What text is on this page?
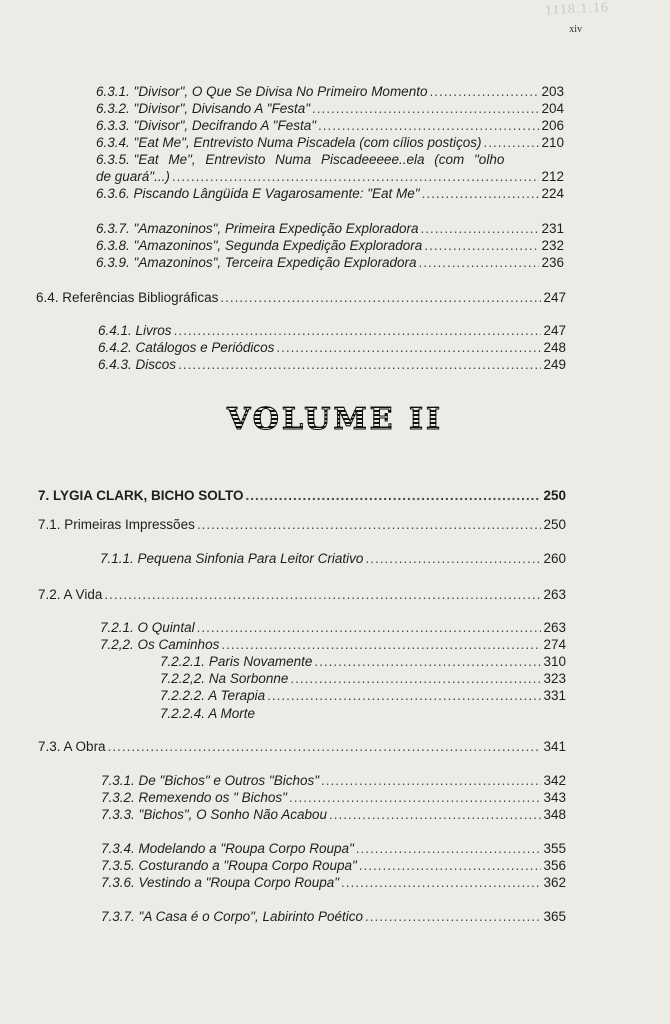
1118.1.16
xiv
6.3.1. "Divisor", O Que Se Divisa No Primeiro Momento .....	203
6.3.2. "Divisor", Divisando A "Festa" .....	204
6.3.3. "Divisor", Decifrando A "Festa" .....	206
6.3.4. "Eat Me", Entrevisto Numa Piscadela (com cílios postiços) .....	210
6.3.5. "Eat Me", Entrevisto Numa Piscadeeeee..ela (com "olho
de guará"...) .....	212
6.3.6. Piscando Lângüida E Vagarosamente: "Eat Me" .....	224
6.3.7. "Amazoninos", Primeira Expedição Exploradora .....	231
6.3.8. "Amazoninos", Segunda Expedição Exploradora .....	232
6.3.9. "Amazoninos", Terceira Expedição Exploradora .....	236
6.4. Referências Bibliográficas .....	247
6.4.1. Livros .....	247
6.4.2. Catálogos e Periódicos .....	248
6.4.3. Discos .....	249
VOLUME II
7. LYGIA CLARK, BICHO SOLTO .....	250
7.1. Primeiras Impressões .....	250
7.1.1. Pequena Sinfonia Para Leitor Criativo .....	260
7.2. A Vida .....	263
7.2.1. O Quintal .....	263
7.2,2. Os Caminhos .....	274
7.2.2.1. Paris Novamente .....	310
7.2.2,2. Na Sorbonne .....	323
7.2.2.2. A Terapia .....	331
7.2.2.4. A Morte
7.3. A Obra .....	341
7.3.1. De "Bichos" e Outros "Bichos" .....	342
7.3.2. Remexendo os " Bichos" .....	343
7.3.3. "Bichos", O Sonho Não Acabou .....	348
7.3.4. Modelando a "Roupa Corpo Roupa" .....	355
7.3.5. Costurando a "Roupa Corpo Roupa" .....	356
7.3.6. Vestindo a "Roupa Corpo Roupa" .....	362
7.3.7. "A Casa é o Corpo", Labirinto Poético .....	365
